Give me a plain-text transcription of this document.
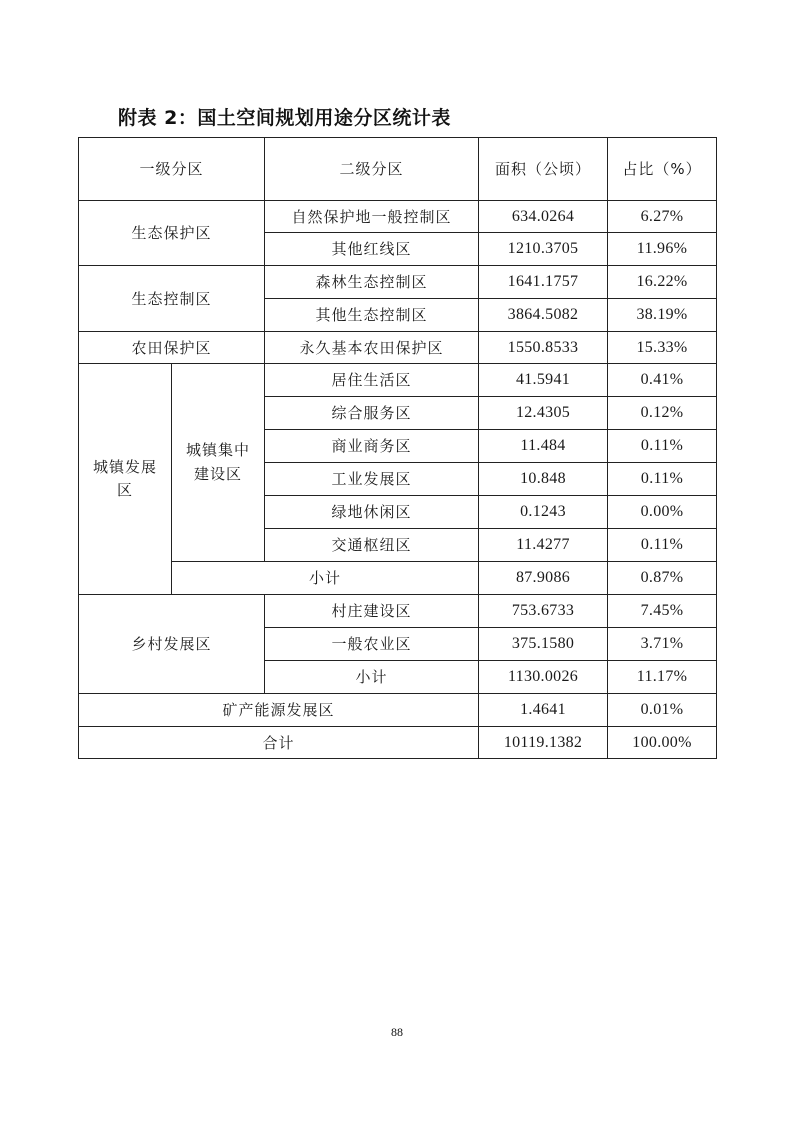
附表 2：国土空间规划用途分区统计表
一级分区		二级分区	面积（公顷）	占比（%）
生态保护区		自然保护地一般控制区	634.0264	6.27%
		其他红线区	1210.3705	11.96%
生态控制区		森林生态控制区	1641.1757	16.22%
		其他生态控制区	3864.5082	38.19%
农田保护区		永久基本农田保护区	1550.8533	15.33%
城镇发展区	城镇集中建设区	居住生活区	41.5941	0.41%
		综合服务区	12.4305	0.12%
		商业商务区	11.484	0.11%
		工业发展区	10.848	0.11%
		绿地休闲区	0.1243	0.00%
		交通枢纽区	11.4277	0.11%
	小计		87.9086	0.87%
乡村发展区		村庄建设区	753.6733	7.45%
		一般农业区	375.1580	3.71%
		小计	1130.0026	11.17%
矿产能源发展区			1.4641	0.01%
合计			10119.1382	100.00%
88
